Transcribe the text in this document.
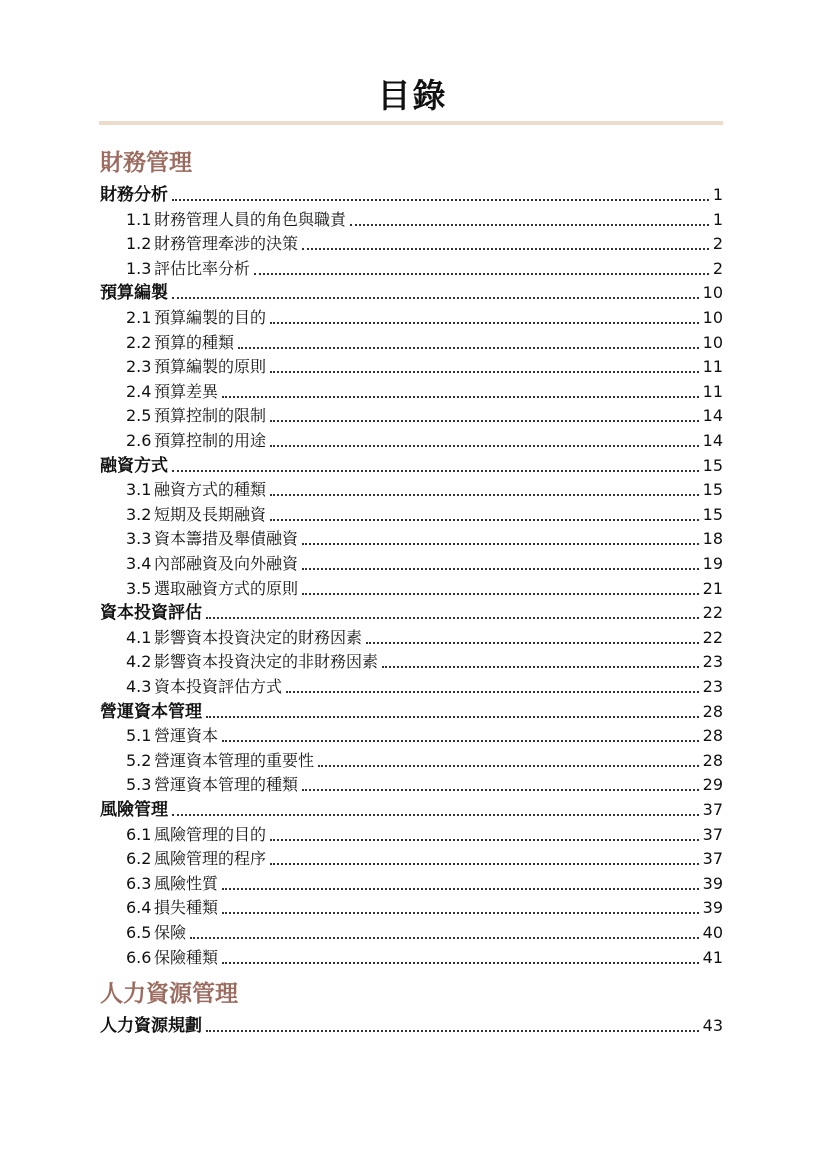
目錄
財務管理
財務分析	1
1.1 財務管理人員的角色與職責	1
1.2 財務管理牽涉的決策	2
1.3 評估比率分析	2
預算編製	10
2.1 預算編製的目的	10
2.2 預算的種類	10
2.3 預算編製的原則	11
2.4 預算差異	11
2.5 預算控制的限制	14
2.6 預算控制的用途	14
融資方式	15
3.1 融資方式的種類	15
3.2 短期及長期融資	15
3.3 資本籌措及舉債融資	18
3.4 內部融資及向外融資	19
3.5 選取融資方式的原則	21
資本投資評估	22
4.1 影響資本投資決定的財務因素	22
4.2 影響資本投資決定的非財務因素	23
4.3 資本投資評估方式	23
營運資本管理	28
5.1 營運資本	28
5.2 營運資本管理的重要性	28
5.3 營運資本管理的種類	29
風險管理	37
6.1 風險管理的目的	37
6.2 風險管理的程序	37
6.3 風險性質	39
6.4 損失種類	39
6.5 保險	40
6.6 保險種類	41
人力資源管理
人力資源規劃	43
